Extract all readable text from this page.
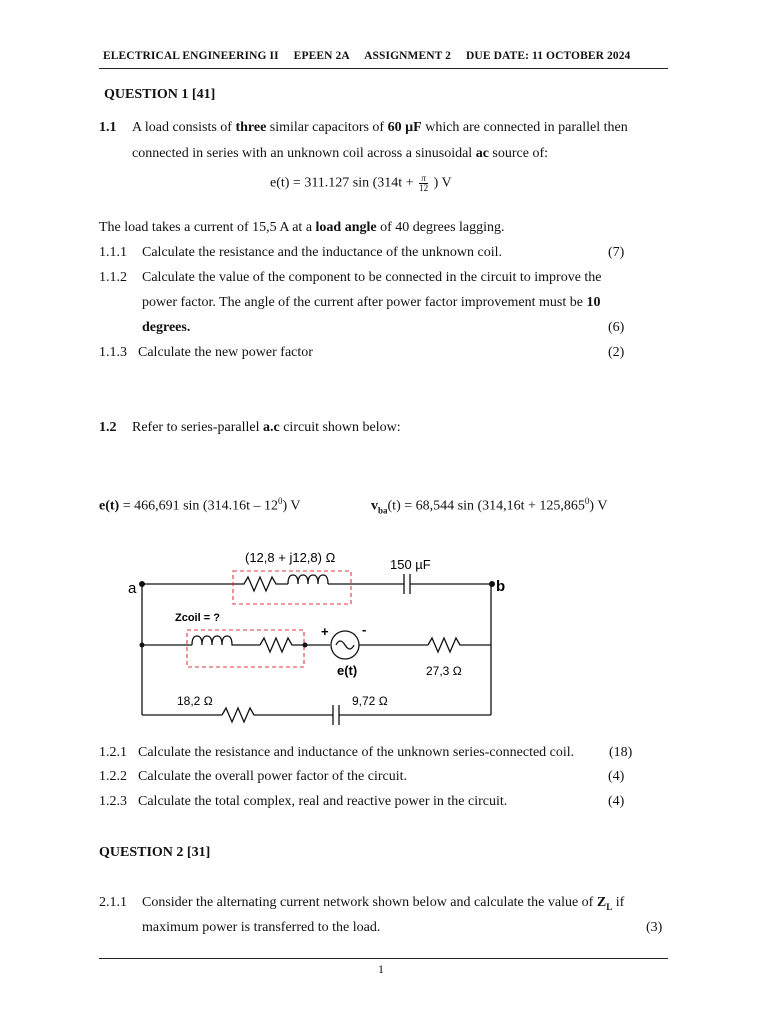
ELECTRICAL ENGINEERING II EPEEN 2A ASSIGNMENT 2 DUE DATE: 11 OCTOBER 2024
QUESTION 1 [41]
1.1 A load consists of three similar capacitors of 60 µF which are connected in parallel then
connected in series with an unknown coil across a sinusoidal ac source of:
e(t) = 311.127 $\sin (314t + \frac{\pi}{12}$ ) V
The load takes a current of 15,5 A at a load angle of 40 degrees lagging.
1.1.1 Calculate the resistance and the inductance of the unknown coil.	(7)
1.1.2 Calculate the value of the component to be connected in the circuit to improve the
power factor. The angle of the current after power factor improvement must be 10
degrees.	(6)
1.1.3 Calculate the new power factor	(2)
1.2 Refer to series-parallel a.c circuit shown below:
e(t) = 466,691 $\sin (314.16t - 12^0)$ V	$v_{ba}(t) = 68,544$ $\sin (314,16t + 125,865^0)$ V
(12,8 + j12,8) Ω	150 µF
a	b
Zcoil = ?
+	-
e(t)	27,3 Ω
18,2 Ω	9,72 Ω
1.2.1 Calculate the resistance and inductance of the unknown series-connected coil. (18)
1.2.2 Calculate the overall power factor of the circuit.	(4)
1.2.3 Calculate the total complex, real and reactive power in the circuit.	(4)
QUESTION 2 [31]
2.1.1 Consider the alternating current network shown below and calculate the value of $Z_L$ if
maximum power is transferred to the load.	(3)
1
